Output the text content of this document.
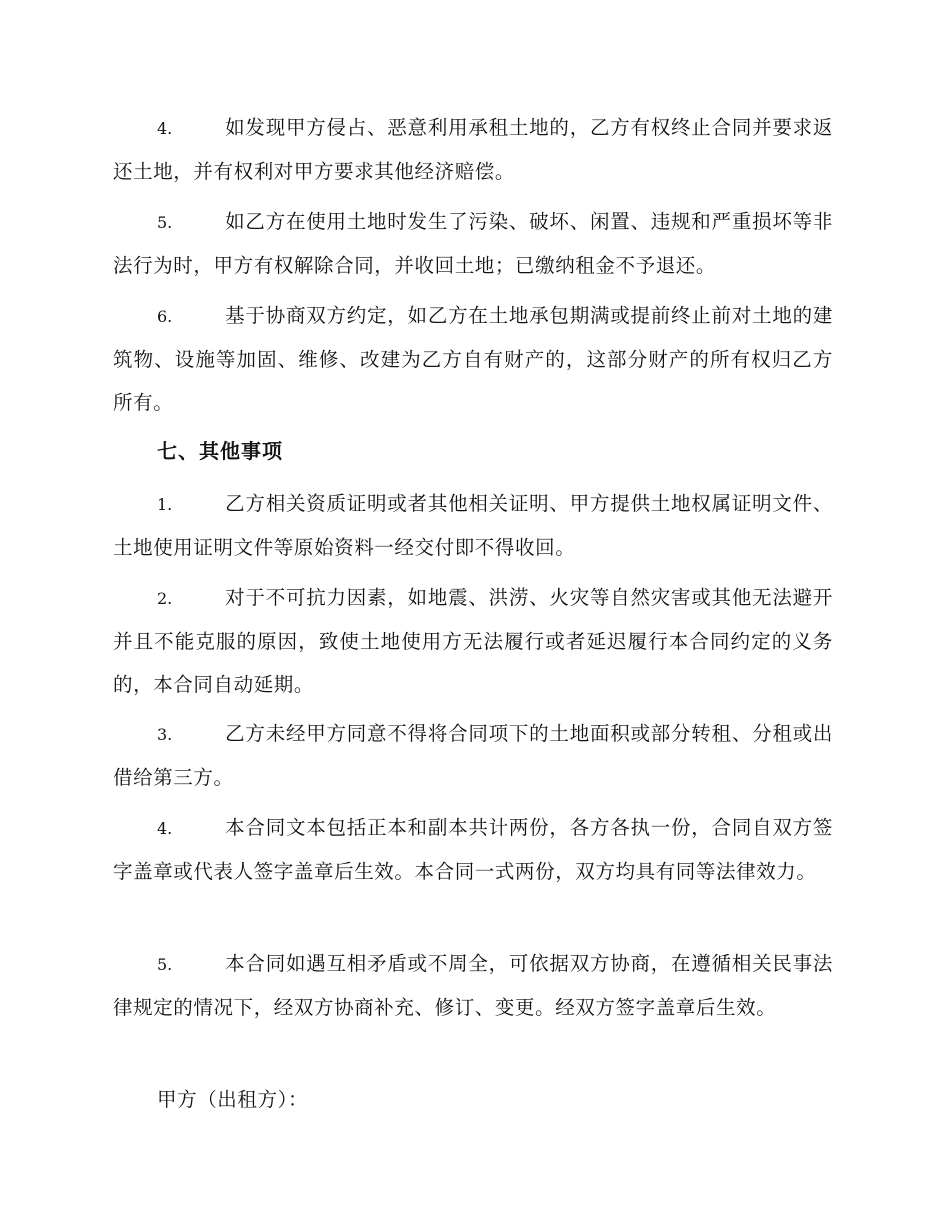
4.	如发现甲方侵占、恶意利用承租土地的，乙方有权终止合同并要求返还土地，并有权利对甲方要求其他经济赔偿。

5.	如乙方在使用土地时发生了污染、破坏、闲置、违规和严重损坏等非法行为时，甲方有权解除合同，并收回土地；已缴纳租金不予退还。

6.	基于协商双方约定，如乙方在土地承包期满或提前终止前对土地的建筑物、设施等加固、维修、改建为乙方自有财产的，这部分财产的所有权归乙方所有。

七、其他事项

1.	乙方相关资质证明或者其他相关证明、甲方提供土地权属证明文件、土地使用证明文件等原始资料一经交付即不得收回。

2.	对于不可抗力因素，如地震、洪涝、火灾等自然灾害或其他无法避开并且不能克服的原因，致使土地使用方无法履行或者延迟履行本合同约定的义务的，本合同自动延期。

3.	乙方未经甲方同意不得将合同项下的土地面积或部分转租、分租或出借给第三方。

4.	本合同文本包括正本和副本共计两份，各方各执一份，合同自双方签字盖章或代表人签字盖章后生效。本合同一式两份，双方均具有同等法律效力。

5.	本合同如遇互相矛盾或不周全，可依据双方协商，在遵循相关民事法律规定的情况下，经双方协商补充、修订、变更。经双方签字盖章后生效。

甲方（出租方）：
